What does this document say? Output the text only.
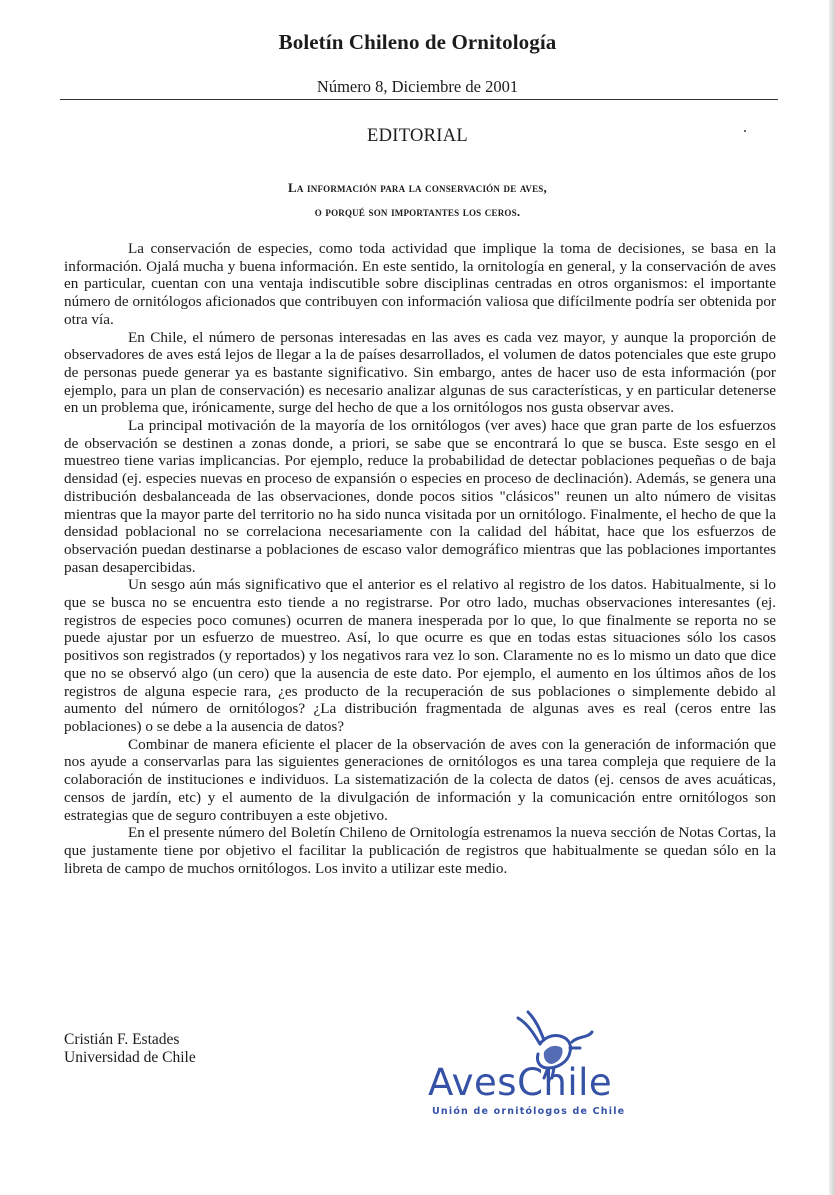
Boletín Chileno de Ornitología
Número 8, Diciembre de 2001
EDITORIAL
La información para la conservación de aves,
o porqué son importantes los ceros.

La conservación de especies, como toda actividad que implique la toma de decisiones, se basa en la información. Ojalá mucha y buena información. En este sentido, la ornitología en general, y la conservación de aves en particular, cuentan con una ventaja indiscutible sobre disciplinas centradas en otros organismos: el importante número de ornitólogos aficionados que contribuyen con información valiosa que difícilmente podría ser obtenida por otra vía.

En Chile, el número de personas interesadas en las aves es cada vez mayor, y aunque la proporción de observadores de aves está lejos de llegar a la de países desarrollados, el volumen de datos potenciales que este grupo de personas puede generar ya es bastante significativo. Sin embargo, antes de hacer uso de esta información (por ejemplo, para un plan de conservación) es necesario analizar algunas de sus características, y en particular detenerse en un problema que, irónicamente, surge del hecho de que a los ornitólogos nos gusta observar aves.

La principal motivación de la mayoría de los ornitólogos (ver aves) hace que gran parte de los esfuerzos de observación se destinen a zonas donde, a priori, se sabe que se encontrará lo que se busca. Este sesgo en el muestreo tiene varias implicancias. Por ejemplo, reduce la probabilidad de detectar poblaciones pequeñas o de baja densidad (ej. especies nuevas en proceso de expansión o especies en proceso de declinación). Además, se genera una distribución desbalanceada de las observaciones, donde pocos sitios "clásicos" reunen un alto número de visitas mientras que la mayor parte del territorio no ha sido nunca visitada por un ornitólogo. Finalmente, el hecho de que la densidad poblacional no se correlaciona necesariamente con la calidad del hábitat, hace que los esfuerzos de observación puedan destinarse a poblaciones de escaso valor demográfico mientras que las poblaciones importantes pasan desapercibidas.

Un sesgo aún más significativo que el anterior es el relativo al registro de los datos. Habitualmente, si lo que se busca no se encuentra esto tiende a no registrarse. Por otro lado, muchas observaciones interesantes (ej. registros de especies poco comunes) ocurren de manera inesperada por lo que, lo que finalmente se reporta no se puede ajustar por un esfuerzo de muestreo. Así, lo que ocurre es que en todas estas situaciones sólo los casos positivos son registrados (y reportados) y los negativos rara vez lo son. Claramente no es lo mismo un dato que dice que no se observó algo (un cero) que la ausencia de este dato. Por ejemplo, el aumento en los últimos años de los registros de alguna especie rara, ¿es producto de la recuperación de sus poblaciones o simplemente debido al aumento del número de ornitólogos? ¿La distribución fragmentada de algunas aves es real (ceros entre las poblaciones) o se debe a la ausencia de datos?

Combinar de manera eficiente el placer de la observación de aves con la generación de información que nos ayude a conservarlas para las siguientes generaciones de ornitólogos es una tarea compleja que requiere de la colaboración de instituciones e individuos. La sistematización de la colecta de datos (ej. censos de aves acuáticas, censos de jardín, etc) y el aumento de la divulgación de información y la comunicación entre ornitólogos son estrategias que de seguro contribuyen a este objetivo.

En el presente número del Boletín Chileno de Ornitología estrenamos la nueva sección de Notas Cortas, la que justamente tiene por objetivo el facilitar la publicación de registros que habitualmente se quedan sólo en la libreta de campo de muchos ornitólogos. Los invito a utilizar este medio.

Cristián F. Estades
Universidad de Chile
AvesChile
Unión de ornitólogos de Chile
